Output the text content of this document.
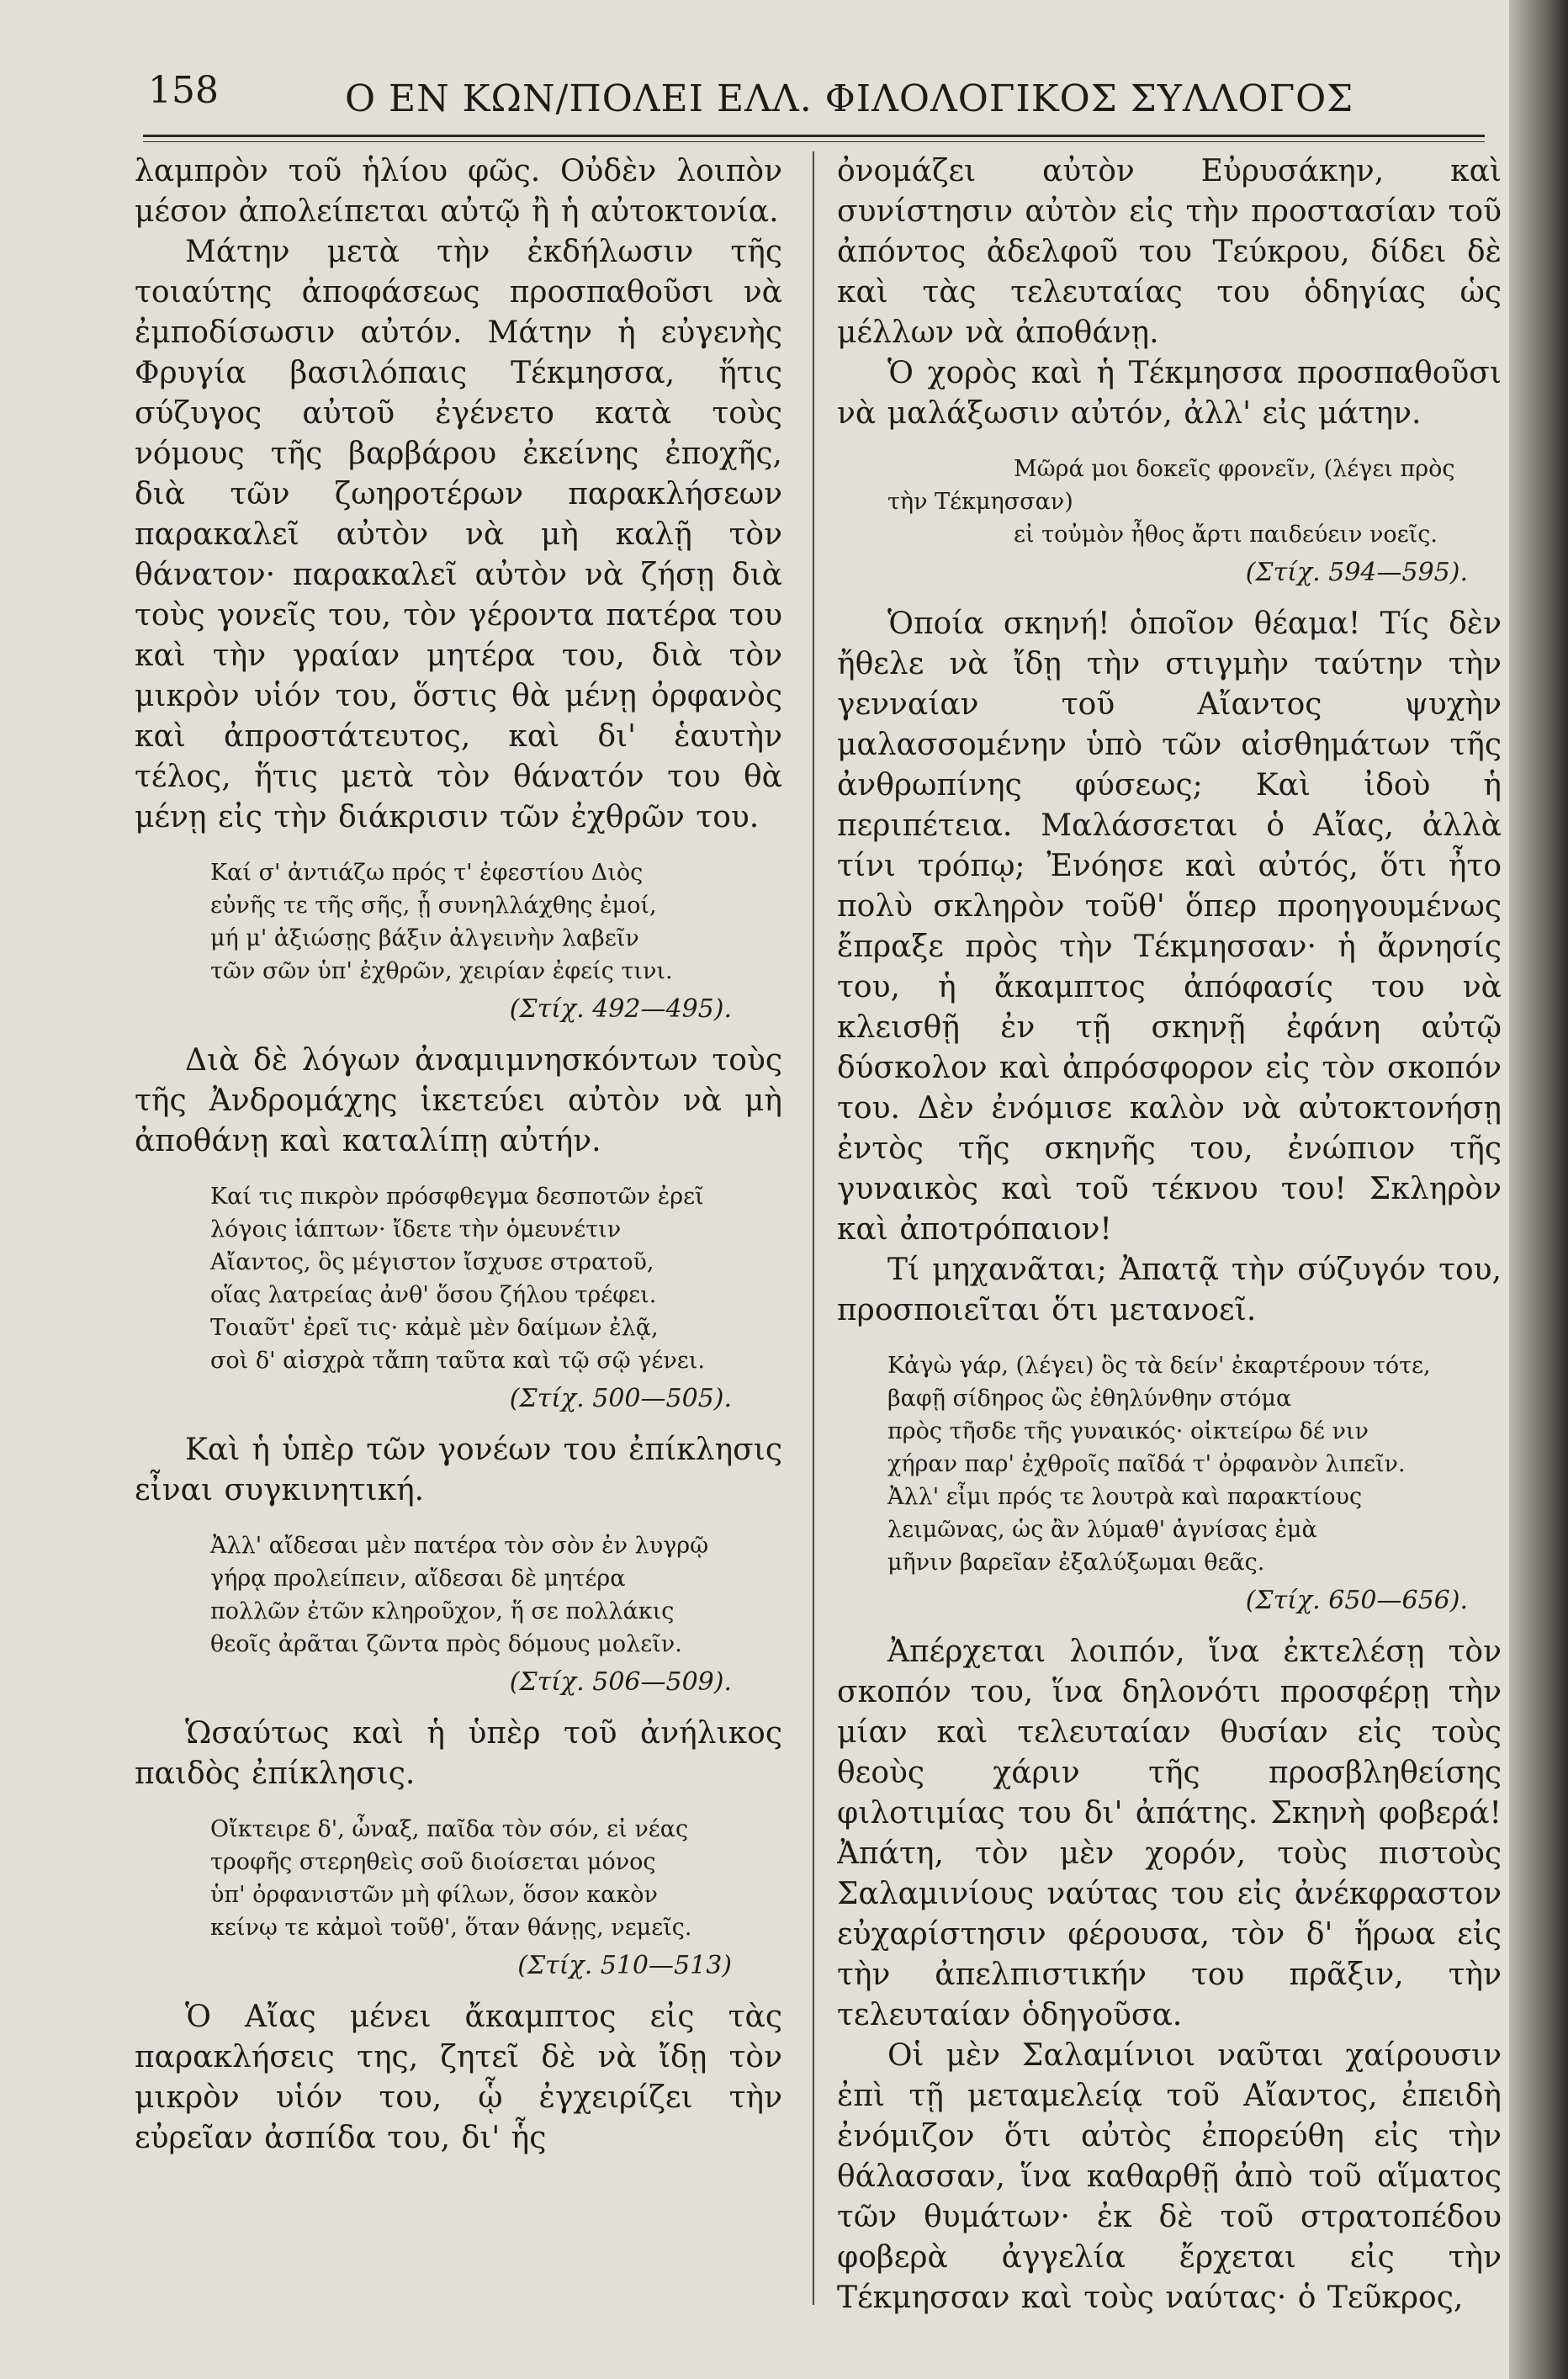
158	Ο ΕΝ ΚΩΝ/ΠΟΛΕΙ ΕΛΛ. ΦΙΛΟΛΟΓΙΚΟΣ ΣΥΛΛΟΓΟΣ

λαμπρὸν τοῦ ἡλίου φῶς. Οὐδὲν λοιπὸν μέσον ἀπολείπεται αὐτῷ ἢ ἡ αὐτοκτονία.

Μάτην μετὰ τὴν ἐκδήλωσιν τῆς τοιαύτης ἀποφάσεως προσπαθοῦσι νὰ ἐμποδίσωσιν αὐτόν. Μάτην ἡ εὐγενὴς Φρυγία βασιλόπαις Τέκμησσα, ἥτις σύζυγος αὐτοῦ ἐγένετο κατὰ τοὺς νόμους τῆς βαρβάρου ἐκείνης ἐποχῆς, διὰ τῶν ζωηροτέρων παρακλήσεων παρακαλεῖ αὐτὸν νὰ μὴ καλῇ τὸν θάνατον· παρακαλεῖ αὐτὸν νὰ ζήσῃ διὰ τοὺς γονεῖς του, τὸν γέροντα πατέρα του καὶ τὴν γραίαν μητέρα του, διὰ τὸν μικρὸν υἱόν του, ὅστις θὰ μένῃ ὀρφανὸς καὶ ἀπροστάτευτος, καὶ δι' ἑαυτὴν τέλος, ἥτις μετὰ τὸν θάνατόν του θὰ μένῃ εἰς τὴν διάκρισιν τῶν ἐχθρῶν του.

Καί σ' ἀντιάζω πρός τ' ἐφεστίου Διὸς
εὐνῆς τε τῆς σῆς, ᾗ συνηλλάχθης ἐμοί,
μή μ' ἀξιώσῃς βάξιν ἀλγεινὴν λαβεῖν
τῶν σῶν ὑπ' ἐχθρῶν, χειρίαν ἐφείς τινι.
(Στίχ. 492—495).

Διὰ δὲ λόγων ἀναμιμνησκόντων τοὺς τῆς Ἀνδρομάχης ἱκετεύει αὐτὸν νὰ μὴ ἀποθάνῃ καὶ καταλίπῃ αὐτήν.

Καί τις πικρὸν πρόσφθεγμα δεσποτῶν ἐρεῖ
λόγοις ἰάπτων· ἴδετε τὴν ὁμευνέτιν
Αἴαντος, ὃς μέγιστον ἴσχυσε στρατοῦ,
οἵας λατρείας ἀνθ' ὅσου ζήλου τρέφει.
Τοιαῦτ' ἐρεῖ τις· κἀμὲ μὲν δαίμων ἐλᾷ,
σοὶ δ' αἰσχρὰ τἄπη ταῦτα καὶ τῷ σῷ γένει.
(Στίχ. 500—505).

Καὶ ἡ ὑπὲρ τῶν γονέων του ἐπίκλησις εἶναι συγκινητική.

Ἀλλ' αἴδεσαι μὲν πατέρα τὸν σὸν ἐν λυγρῷ
γήρᾳ προλείπειν, αἴδεσαι δὲ μητέρα
πολλῶν ἐτῶν κληροῦχον, ἥ σε πολλάκις
θεοῖς ἀρᾶται ζῶντα πρὸς δόμους μολεῖν.
(Στίχ. 506—509).

Ὡσαύτως καὶ ἡ ὑπὲρ τοῦ ἀνήλικος παιδὸς ἐπίκλησις.

Οἴκτειρε δ', ὦναξ, παῖδα τὸν σόν, εἰ νέας
τροφῆς στερηθεὶς σοῦ διοίσεται μόνος
ὑπ' ὀρφανιστῶν μὴ φίλων, ὅσον κακὸν
κείνῳ τε κἀμοὶ τοῦθ', ὅταν θάνῃς, νεμεῖς.
(Στίχ. 510—513)

Ὁ Αἴας μένει ἄκαμπτος εἰς τὰς παρακλήσεις της, ζητεῖ δὲ νὰ ἴδῃ τὸν μικρὸν υἱόν του, ᾧ ἐγχειρίζει τὴν εὐρεῖαν ἀσπίδα του, δι' ἧς

ὀνομάζει αὐτὸν Εὐρυσάκην, καὶ συνίστησιν αὐτὸν εἰς τὴν προστασίαν τοῦ ἀπόντος ἀδελφοῦ του Τεύκρου, δίδει δὲ καὶ τὰς τελευταίας του ὁδηγίας ὡς μέλλων νὰ ἀποθάνῃ.

Ὁ χορὸς καὶ ἡ Τέκμησσα προσπαθοῦσι νὰ μαλάξωσιν αὐτόν, ἀλλ' εἰς μάτην.

Μῶρά μοι δοκεῖς φρονεῖν, (λέγει πρὸς
τὴν Τέκμησσαν)
εἰ τοὐμὸν ἦθος ἄρτι παιδεύειν νοεῖς.
(Στίχ. 594—595).

Ὁποία σκηνή! ὁποῖον θέαμα! Τίς δὲν ἤθελε νὰ ἴδῃ τὴν στιγμὴν ταύτην τὴν γενναίαν τοῦ Αἴαντος ψυχὴν μαλασσομένην ὑπὸ τῶν αἰσθημάτων τῆς ἀνθρωπίνης φύσεως; Καὶ ἰδοὺ ἡ περιπέτεια. Μαλάσσεται ὁ Αἴας, ἀλλὰ τίνι τρόπῳ; Ἐνόησε καὶ αὐτός, ὅτι ἦτο πολὺ σκληρὸν τοῦθ' ὅπερ προηγουμένως ἔπραξε πρὸς τὴν Τέκμησσαν· ἡ ἄρνησίς του, ἡ ἄκαμπτος ἀπόφασίς του νὰ κλεισθῇ ἐν τῇ σκηνῇ ἐφάνη αὐτῷ δύσκολον καὶ ἀπρόσφορον εἰς τὸν σκοπόν του. Δὲν ἐνόμισε καλὸν νὰ αὐτοκτονήσῃ ἐντὸς τῆς σκηνῆς του, ἐνώπιον τῆς γυναικὸς καὶ τοῦ τέκνου του! Σκληρὸν καὶ ἀποτρόπαιον!

Τί μηχανᾶται; Ἀπατᾷ τὴν σύζυγόν του, προσποιεῖται ὅτι μετανοεῖ.

Κἀγὼ γάρ, (λέγει) ὃς τὰ δείν' ἐκαρτέρουν τότε,
βαφῇ σίδηρος ὣς ἐθηλύνθην στόμα
πρὸς τῆσδε τῆς γυναικός· οἰκτείρω δέ νιν
χήραν παρ' ἐχθροῖς παῖδά τ' ὀρφανὸν λιπεῖν.
Ἀλλ' εἶμι πρός τε λουτρὰ καὶ παρακτίους
λειμῶνας, ὡς ἂν λύμαθ' ἁγνίσας ἐμὰ
μῆνιν βαρεῖαν ἐξαλύξωμαι θεᾶς.
(Στίχ. 650—656).

Ἀπέρχεται λοιπόν, ἵνα ἐκτελέσῃ τὸν σκοπόν του, ἵνα δηλονότι προσφέρῃ τὴν μίαν καὶ τελευταίαν θυσίαν εἰς τοὺς θεοὺς χάριν τῆς προσβληθείσης φιλοτιμίας του δι' ἀπάτης. Σκηνὴ φοβερά! Ἀπάτη, τὸν μὲν χορόν, τοὺς πιστοὺς Σαλαμινίους ναύτας του εἰς ἀνέκφραστον εὐχαρίστησιν φέρουσα, τὸν δ' ἥρωα εἰς τὴν ἀπελπιστικήν του πρᾶξιν, τὴν τελευταίαν ὁδηγοῦσα.

Οἱ μὲν Σαλαμίνιοι ναῦται χαίρουσιν ἐπὶ τῇ μεταμελείᾳ τοῦ Αἴαντος, ἐπειδὴ ἐνόμιζον ὅτι αὐτὸς ἐπορεύθη εἰς τὴν θάλασσαν, ἵνα καθαρθῇ ἀπὸ τοῦ αἵματος τῶν θυμάτων· ἐκ δὲ τοῦ στρατοπέδου φοβερὰ ἀγγελία ἔρχεται εἰς τὴν Τέκμησσαν καὶ τοὺς ναύτας· ὁ Τεῦκρος,
